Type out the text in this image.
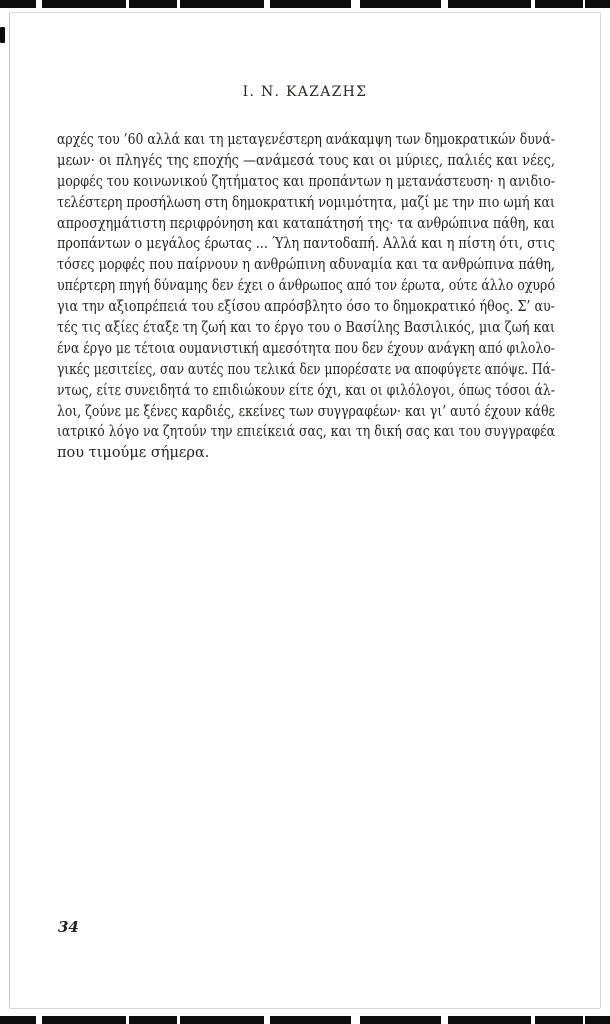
Ι. Ν. ΚΑΖΑΖΗΣ
αρχές του ’60 αλλά και τη μεταγενέστερη ανάκαμψη των δημοκρατικών δυνά-
μεων· οι πληγές της εποχής —ανάμεσά τους και οι μύριες, παλιές και νέες,
μορφές του κοινωνικού ζητήματος και προπάντων η μετανάστευση· η ανιδιο-
τελέστερη προσήλωση στη δημοκρατική νομιμότητα, μαζί με την πιο ωμή και
απροσχημάτιστη περιφρόνηση και καταπάτησή της· τα ανθρώπινα πάθη, και
προπάντων ο μεγάλος έρωτας ... Ύλη παντοδαπή. Αλλά και η πίστη ότι, στις
τόσες μορφές που παίρνουν η ανθρώπινη αδυναμία και τα ανθρώπινα πάθη,
υπέρτερη πηγή δύναμης δεν έχει ο άνθρωπος από τον έρωτα, ούτε άλλο οχυρό
για την αξιοπρέπειά του εξίσου απρόσβλητο όσο το δημοκρατικό ήθος. Σ’ αυ-
τές τις αξίες έταξε τη ζωή και το έργο του ο Βασίλης Βασιλικός, μια ζωή και
ένα έργο με τέτοια ουμανιστική αμεσότητα που δεν έχουν ανάγκη από φιλολο-
γικές μεσιτείες, σαν αυτές που τελικά δεν μπορέσατε να αποφύγετε απόψε. Πά-
ντως, είτε συνειδητά το επιδιώκουν είτε όχι, και οι φιλόλογοι, όπως τόσοι άλ-
λοι, ζούνε με ξένες καρδιές, εκείνες των συγγραφέων· και γι’ αυτό έχουν κάθε
ιατρικό λόγο να ζητούν την επιείκειά σας, και τη δική σας και του συγγραφέα
που τιμούμε σήμερα.
34
